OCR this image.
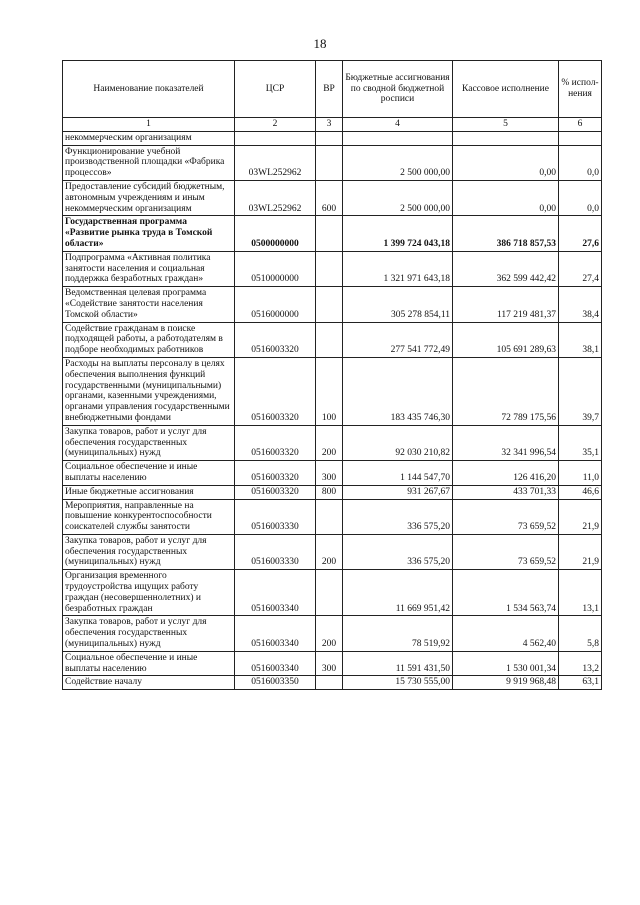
18
Наименование показателей	ЦСР	ВР	Бюджетные ассигнования по сводной бюджетной росписи	Кассовое исполнение	% испол-нения
1	2	3	4	5	6
некоммерческим организациям					
Функционирование учебной производственной площадки «Фабрика процессов»	03WL252962		2 500 000,00	0,00	0,0
Предоставление субсидий бюджетным, автономным учреждениям и иным некоммерческим организациям	03WL252962	600	2 500 000,00	0,00	0,0
Государственная программа «Развитие рынка труда в Томской области»	0500000000		1 399 724 043,18	386 718 857,53	27,6
Подпрограмма «Активная политика занятости населения и социальная поддержка безработных граждан»	0510000000		1 321 971 643,18	362 599 442,42	27,4
Ведомственная целевая программа «Содействие занятости населения Томской области»	0516000000		305 278 854,11	117 219 481,37	38,4
Содействие гражданам в поиске подходящей работы, а работодателям в подборе необходимых работников	0516003320		277 541 772,49	105 691 289,63	38,1
Расходы на выплаты персоналу в целях обеспечения выполнения функций государственными (муниципальными) органами, казенными учреждениями, органами управления государственными внебюджетными фондами	0516003320	100	183 435 746,30	72 789 175,56	39,7
Закупка товаров, работ и услуг для обеспечения государственных (муниципальных) нужд	0516003320	200	92 030 210,82	32 341 996,54	35,1
Социальное обеспечение и иные выплаты населению	0516003320	300	1 144 547,70	126 416,20	11,0
Иные бюджетные ассигнования	0516003320	800	931 267,67	433 701,33	46,6
Мероприятия, направленные на повышение конкурентоспособности соискателей службы занятости	0516003330		336 575,20	73 659,52	21,9
Закупка товаров, работ и услуг для обеспечения государственных (муниципальных) нужд	0516003330	200	336 575,20	73 659,52	21,9
Организация временного трудоустройства ищущих работу граждан (несовершеннолетних) и безработных граждан	0516003340		11 669 951,42	1 534 563,74	13,1
Закупка товаров, работ и услуг для обеспечения государственных (муниципальных) нужд	0516003340	200	78 519,92	4 562,40	5,8
Социальное обеспечение и иные выплаты населению	0516003340	300	11 591 431,50	1 530 001,34	13,2
Содействие началу	0516003350		15 730 555,00	9 919 968,48	63,1
